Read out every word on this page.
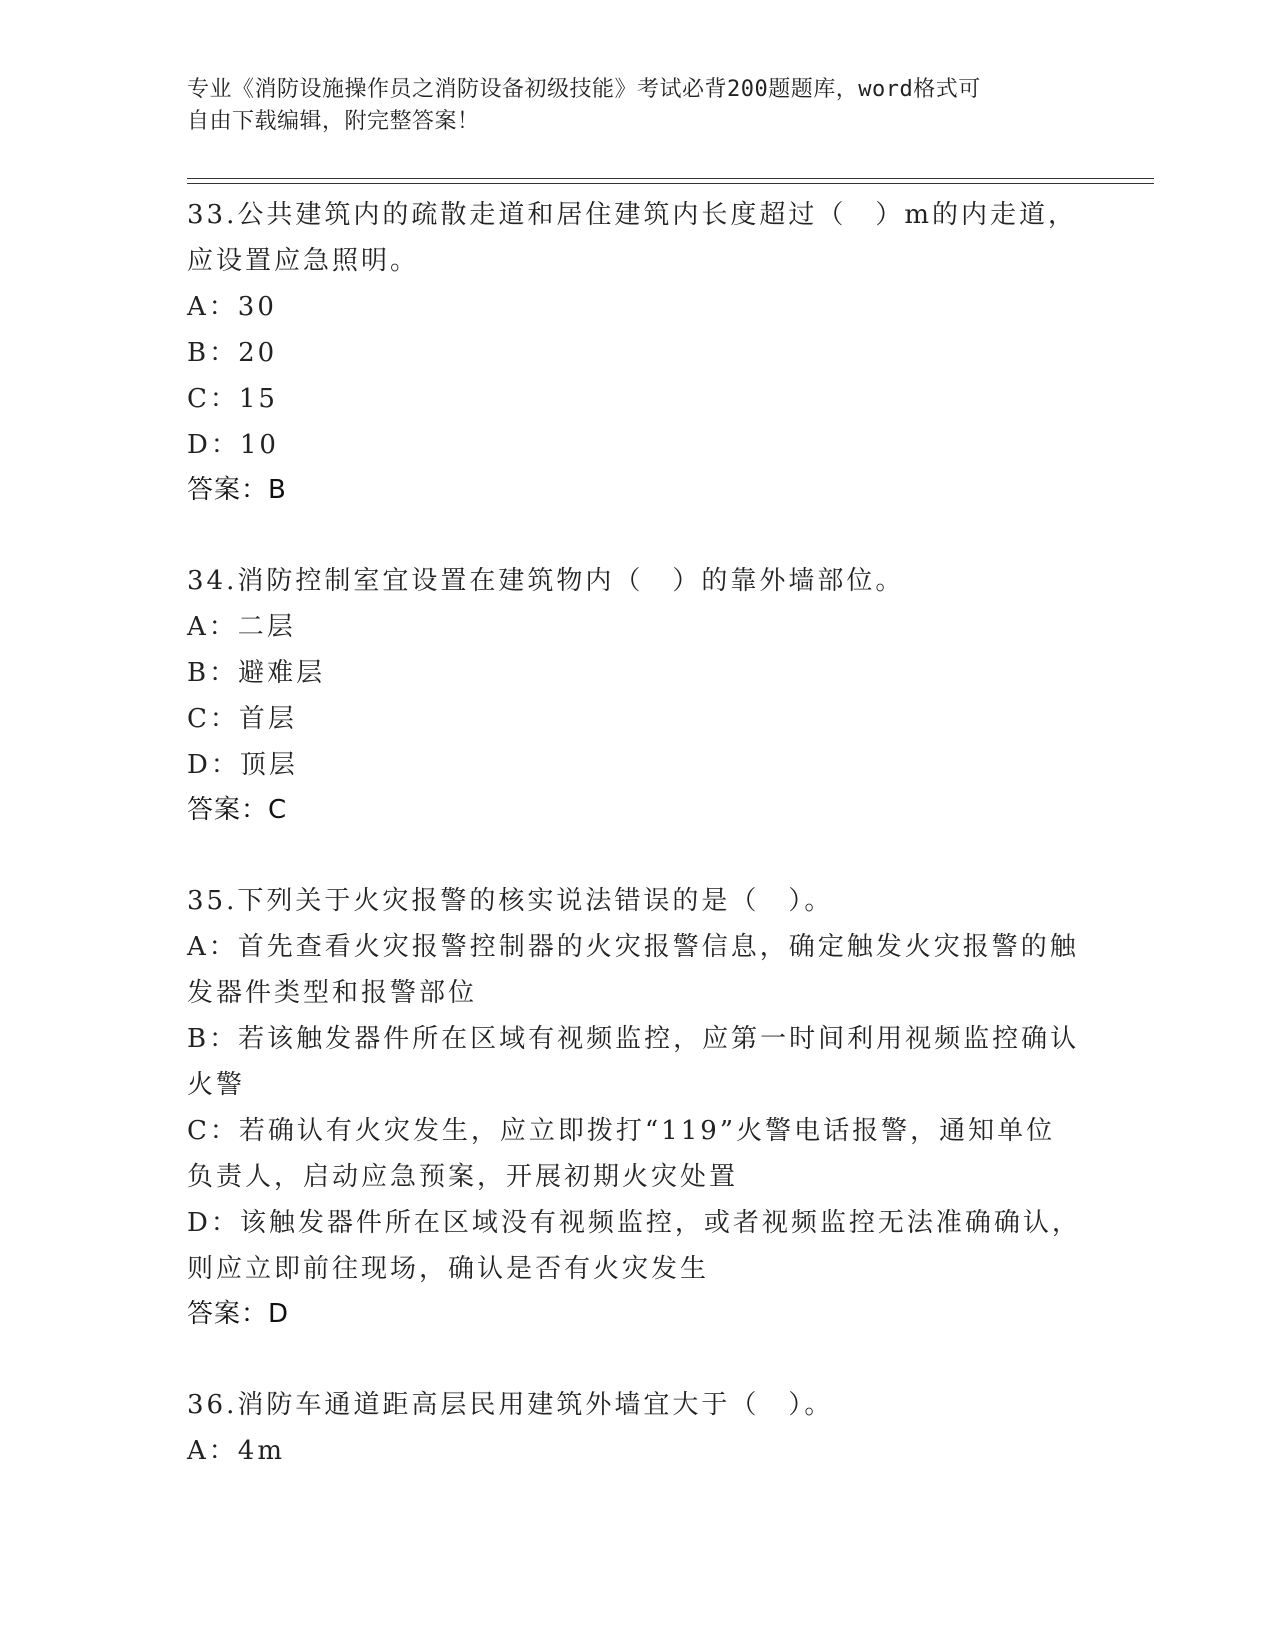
专业《消防设施操作员之消防设备初级技能》考试必背200题题库，word格式可
自由下载编辑，附完整答案！
33.公共建筑内的疏散走道和居住建筑内长度超过（　）m的内走道，
应设置应急照明。
A：30
B：20
C：15
D：10
答案：B
34.消防控制室宜设置在建筑物内（　）的靠外墙部位。
A：二层
B：避难层
C：首层
D：顶层
答案：C
35.下列关于火灾报警的核实说法错误的是（　）。
A：首先查看火灾报警控制器的火灾报警信息，确定触发火灾报警的触
发器件类型和报警部位
B：若该触发器件所在区域有视频监控，应第一时间利用视频监控确认
火警
C：若确认有火灾发生，应立即拨打“119”火警电话报警，通知单位
负责人，启动应急预案，开展初期火灾处置
D：该触发器件所在区域没有视频监控，或者视频监控无法准确确认，
则应立即前往现场，确认是否有火灾发生
答案：D
36.消防车通道距高层民用建筑外墙宜大于（　）。
A：4m
